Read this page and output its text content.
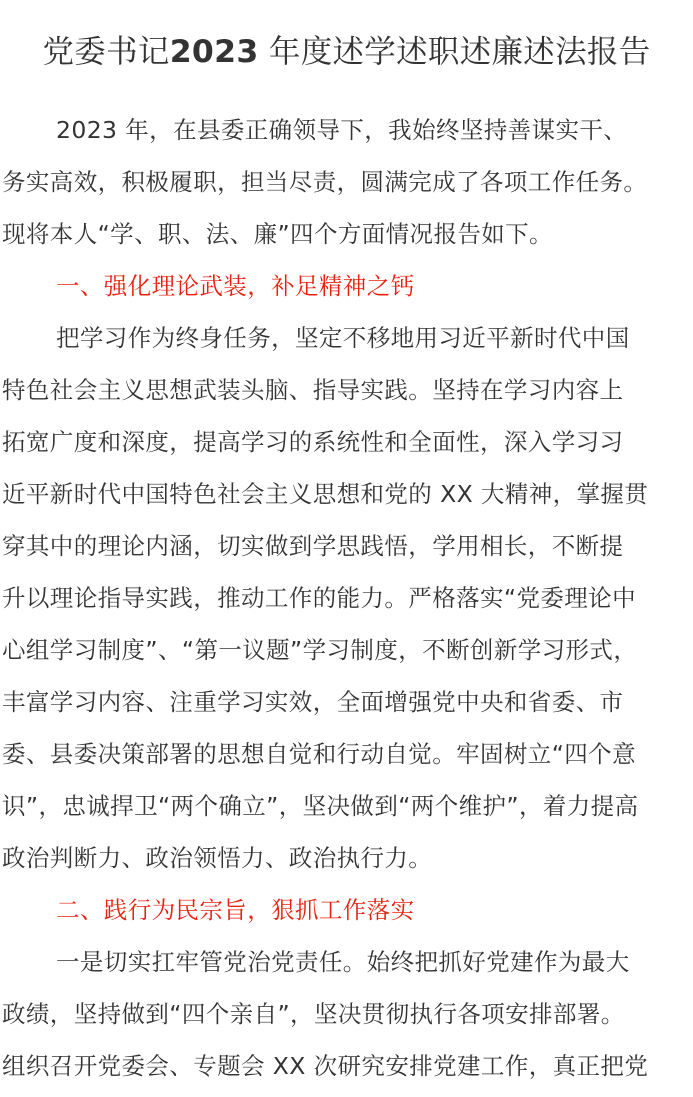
党委书记2023 年度述学述职述廉述法报告
2023 年，在县委正确领导下，我始终坚持善谋实干、
务实高效，积极履职，担当尽责，圆满完成了各项工作任务。
现将本人“学、职、法、廉”四个方面情况报告如下。
一、强化理论武装，补足精神之钙
把学习作为终身任务，坚定不移地用习近平新时代中国
特色社会主义思想武装头脑、指导实践。坚持在学习内容上
拓宽广度和深度，提高学习的系统性和全面性，深入学习习
近平新时代中国特色社会主义思想和党的 XX 大精神，掌握贯
穿其中的理论内涵，切实做到学思践悟，学用相长，不断提
升以理论指导实践，推动工作的能力。严格落实“党委理论中
心组学习制度”、“第一议题”学习制度，不断创新学习形式，
丰富学习内容、注重学习实效，全面增强党中央和省委、市
委、县委决策部署的思想自觉和行动自觉。牢固树立“四个意
识”，忠诚捍卫“两个确立”，坚决做到“两个维护”，着力提高
政治判断力、政治领悟力、政治执行力。
二、践行为民宗旨，狠抓工作落实
一是切实扛牢管党治党责任。始终把抓好党建作为最大
政绩，坚持做到“四个亲自”，坚决贯彻执行各项安排部署。
组织召开党委会、专题会 XX 次研究安排党建工作，真正把党
